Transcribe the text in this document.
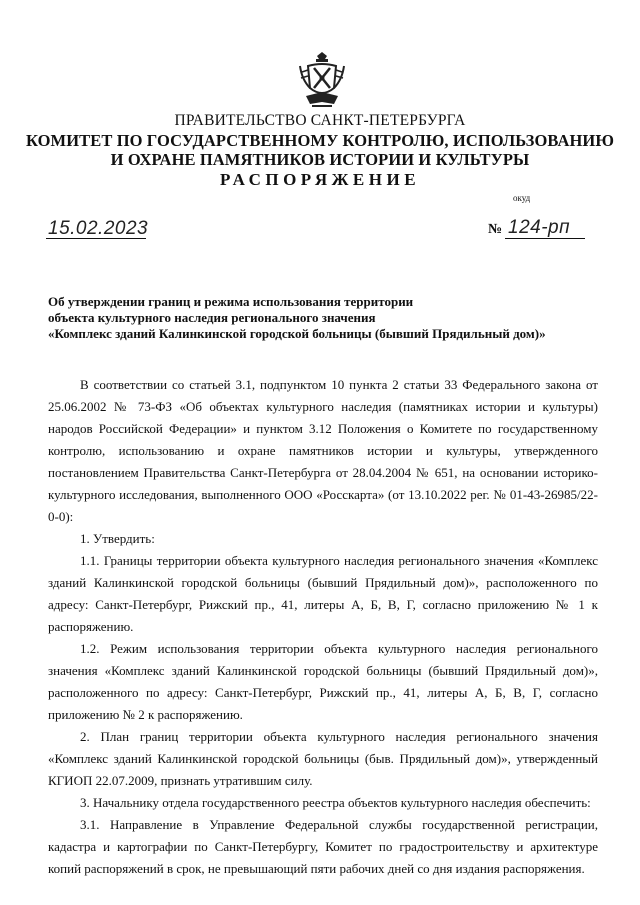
ПРАВИТЕЛЬСТВО САНКТ-ПЕТЕРБУРГА
КОМИТЕТ ПО ГОСУДАРСТВЕННОМУ КОНТРОЛЮ, ИСПОЛЬЗОВАНИЮ
И ОХРАНЕ ПАМЯТНИКОВ ИСТОРИИ И КУЛЬТУРЫ
РАСПОРЯЖЕНИЕ
окуд
15.02.2023	№ 124-рп
Об утверждении границ и режима использования территории
объекта культурного наследия регионального значения
«Комплекс зданий Калинкинской городской больницы (бывший Прядильный дом)»

В соответствии со статьей 3.1, подпунктом 10 пункта 2 статьи 33 Федерального закона от 25.06.2002 № 73-ФЗ «Об объектах культурного наследия (памятниках истории и культуры) народов Российской Федерации» и пунктом 3.12 Положения о Комитете по государственному контролю, использованию и охране памятников истории и культуры, утвержденного постановлением Правительства Санкт-Петербурга от 28.04.2004 № 651, на основании историко-культурного исследования, выполненного ООО «Росскарта» (от 13.10.2022 рег. № 01-43-26985/22-0-0):

1. Утвердить:

1.1. Границы территории объекта культурного наследия регионального значения «Комплекс зданий Калинкинской городской больницы (бывший Прядильный дом)», расположенного по адресу: Санкт-Петербург, Рижский пр., 41, литеры А, Б, В, Г, согласно приложению № 1 к распоряжению.

1.2. Режим использования территории объекта культурного наследия регионального значения «Комплекс зданий Калинкинской городской больницы (бывший Прядильный дом)», расположенного по адресу: Санкт-Петербург, Рижский пр., 41, литеры А, Б, В, Г, согласно приложению № 2 к распоряжению.

2. План границ территории объекта культурного наследия регионального значения «Комплекс зданий Калинкинской городской больницы (быв. Прядильный дом)», утвержденный КГИОП 22.07.2009, признать утратившим силу.

3. Начальнику отдела государственного реестра объектов культурного наследия обеспечить:

3.1. Направление в Управление Федеральной службы государственной регистрации, кадастра и картографии по Санкт-Петербургу, Комитет по градостроительству и архитектуре копий распоряжений в срок, не превышающий пяти рабочих дней со дня издания распоряжения.
